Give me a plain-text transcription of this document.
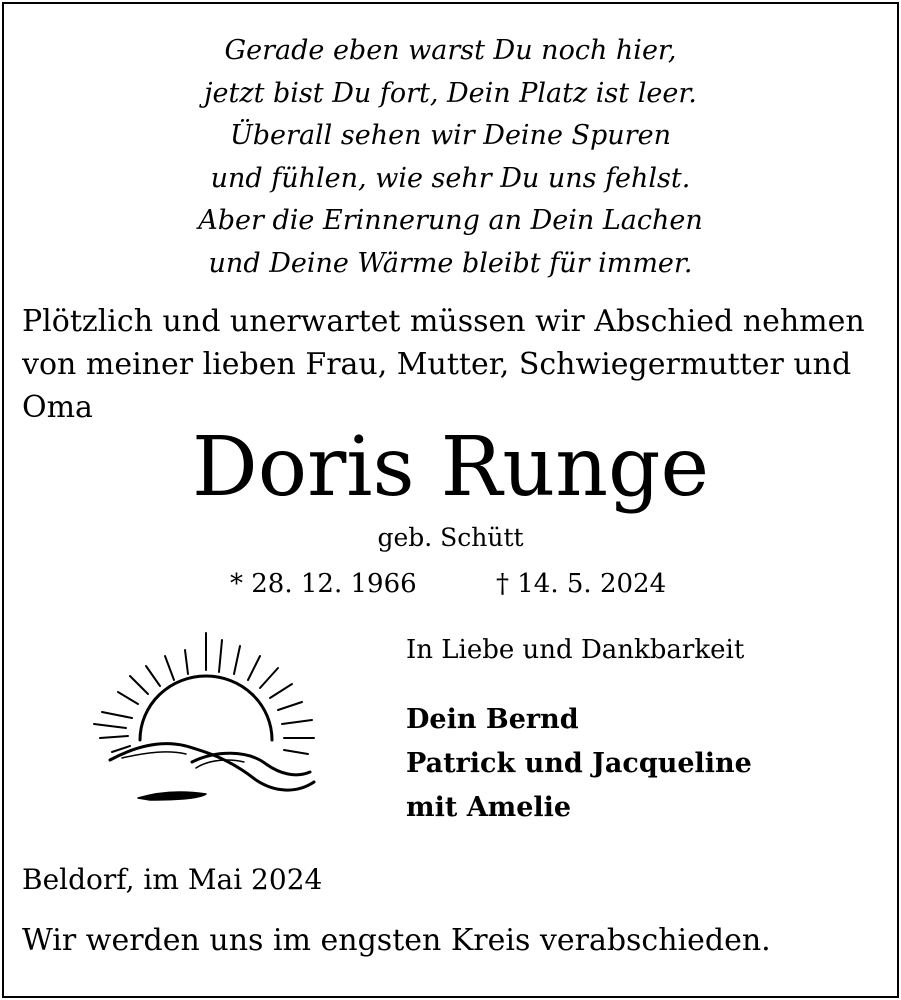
Gerade eben warst Du noch hier,
jetzt bist Du fort, Dein Platz ist leer.
Überall sehen wir Deine Spuren
und fühlen, wie sehr Du uns fehlst.
Aber die Erinnerung an Dein Lachen
und Deine Wärme bleibt für immer.
Plötzlich und unerwartet müssen wir Abschied nehmen von meiner lieben Frau, Mutter, Schwiegermutter und Oma
Doris Runge
geb. Schütt
* 28. 12. 1966	† 14. 5. 2024
In Liebe und Dankbarkeit
Dein Bernd
Patrick und Jacqueline
mit Amelie
Beldorf, im Mai 2024
Wir werden uns im engsten Kreis verabschieden.
